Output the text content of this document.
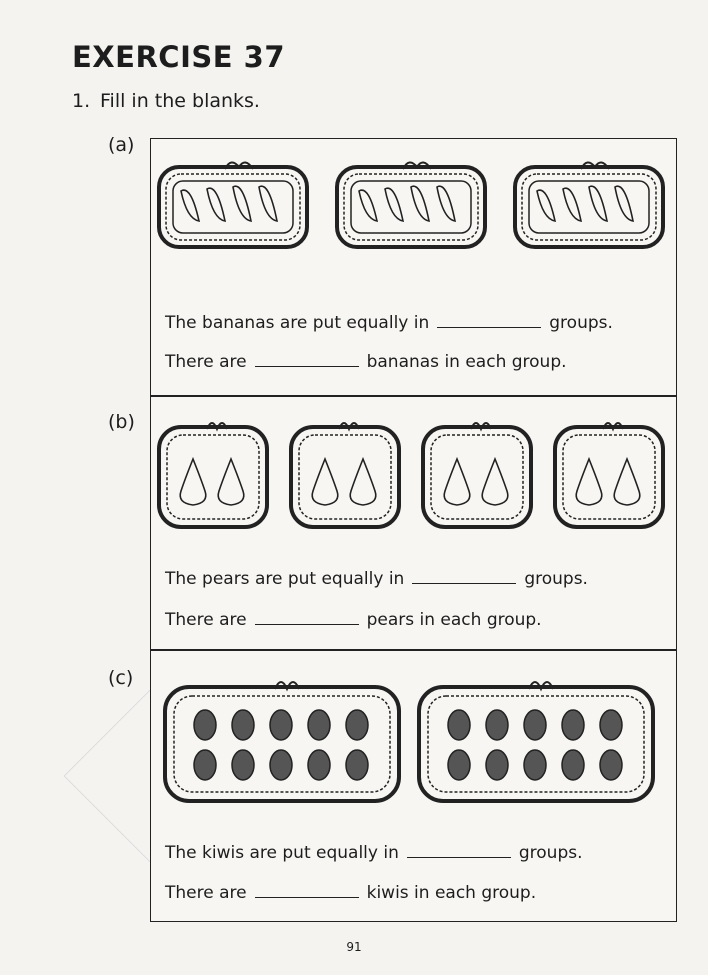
EXERCISE 37
1. Fill in the blanks.
(a)
The bananas are put equally in	groups.
There are	bananas in each group.
(b)
The pears are put equally in	groups.
There are	pears in each group.
(c)
The kiwis are put equally in	groups.
There are	kiwis in each group.
91
